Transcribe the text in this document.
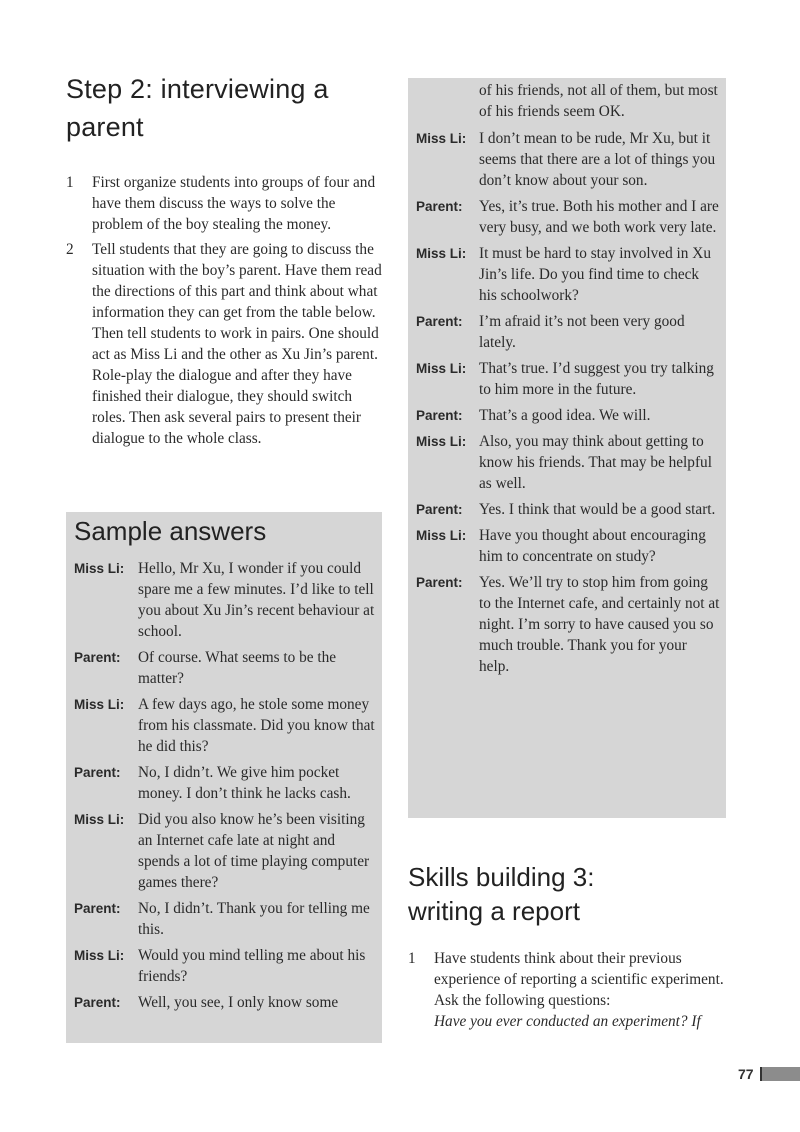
Step 2: interviewing a
parent
1 First organize students into groups of four and have them discuss the ways to solve the problem of the boy stealing the money.
2 Tell students that they are going to discuss the situation with the boy’s parent. Have them read the directions of this part and think about what information they can get from the table below. Then tell students to work in pairs. One should act as Miss Li and the other as Xu Jin’s parent. Role-play the dialogue and after they have finished their dialogue, they should switch roles. Then ask several pairs to present their dialogue to the whole class.
Sample answers
Miss Li: Hello, Mr Xu, I wonder if you could spare me a few minutes. I’d like to tell you about Xu Jin’s recent behaviour at school.
Parent:	Of course. What seems to be the matter?
Miss Li: A few days ago, he stole some money from his classmate. Did you know that he did this?
Parent:	No, I didn’t. We give him pocket money. I don’t think he lacks cash.
Miss Li: Did you also know he’s been visiting an Internet cafe late at night and spends a lot of time playing computer games there?
Parent:	No, I didn’t. Thank you for telling me this.
Miss Li: Would you mind telling me about his friends?
Parent:	Well, you see, I only know some
of his friends, not all of them, but most of his friends seem OK.
Miss Li: I don’t mean to be rude, Mr Xu, but it seems that there are a lot of things you don’t know about your son.
Parent:	Yes, it’s true. Both his mother and I are very busy, and we both work very late.
Miss Li: It must be hard to stay involved in Xu Jin’s life. Do you find time to check his schoolwork?
Parent:	I’m afraid it’s not been very good lately.
Miss Li: That’s true. I’d suggest you try talking to him more in the future.
Parent:	That’s a good idea. We will.
Miss Li: Also, you may think about getting to know his friends. That may be helpful as well.
Parent:	Yes. I think that would be a good start.
Miss Li: Have you thought about encouraging him to concentrate on study?
Parent:	Yes. We’ll try to stop him from going to the Internet cafe, and certainly not at night. I’m sorry to have caused you so much trouble. Thank you for your help.
Skills building 3:
writing a report
1 Have students think about their previous experience of reporting a scientific experiment. Ask the following questions:
Have you ever conducted an experiment? If
77
